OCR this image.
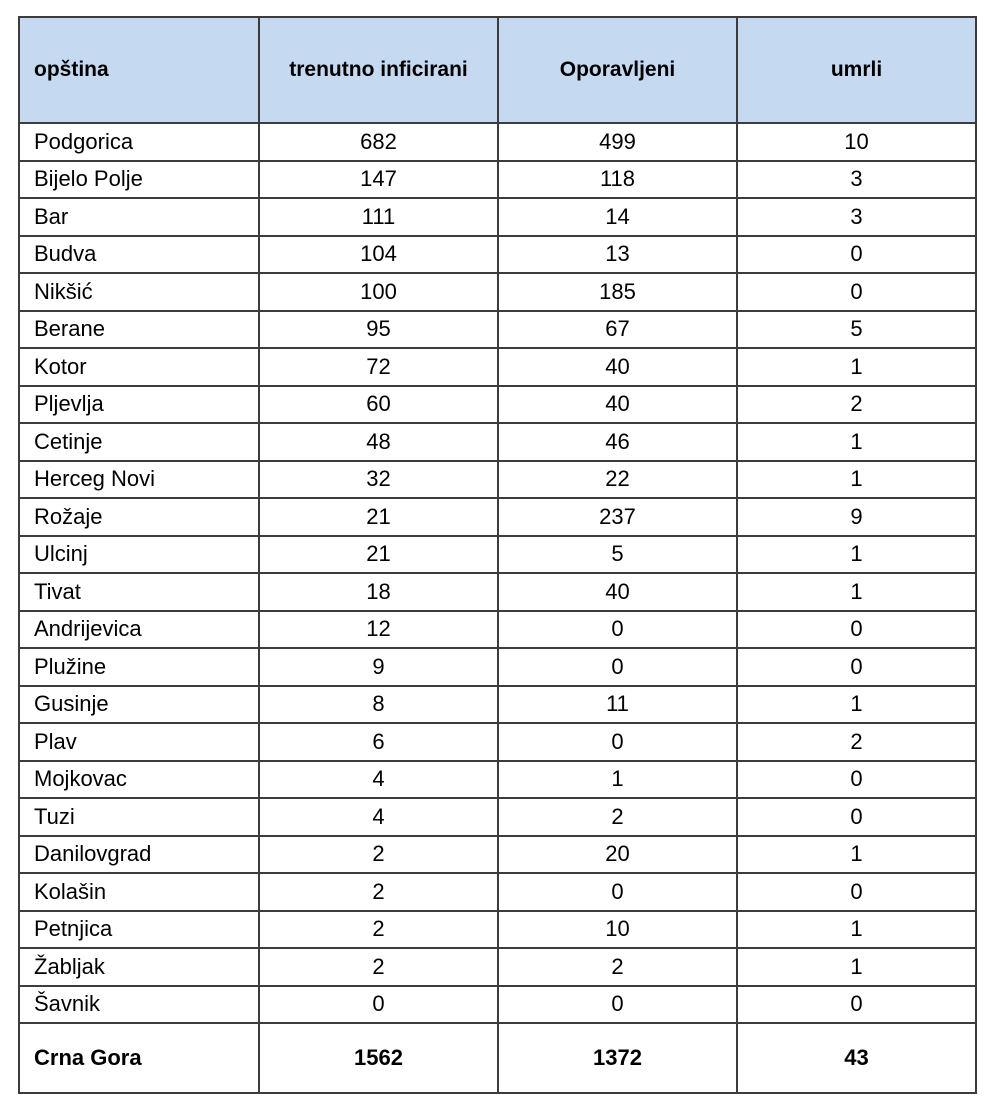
opština	trenutno inficirani	Oporavljeni	umrli
Podgorica	682	499	10
Bijelo Polje	147	118	3
Bar	111	14	3
Budva	104	13	0
Nikšić	100	185	0
Berane	95	67	5
Kotor	72	40	1
Pljevlja	60	40	2
Cetinje	48	46	1
Herceg Novi	32	22	1
Rožaje	21	237	9
Ulcinj	21	5	1
Tivat	18	40	1
Andrijevica	12	0	0
Plužine	9	0	0
Gusinje	8	11	1
Plav	6	0	2
Mojkovac	4	1	0
Tuzi	4	2	0
Danilovgrad	2	20	1
Kolašin	2	0	0
Petnjica	2	10	1
Žabljak	2	2	1
Šavnik	0	0	0
Crna Gora	1562	1372	43
